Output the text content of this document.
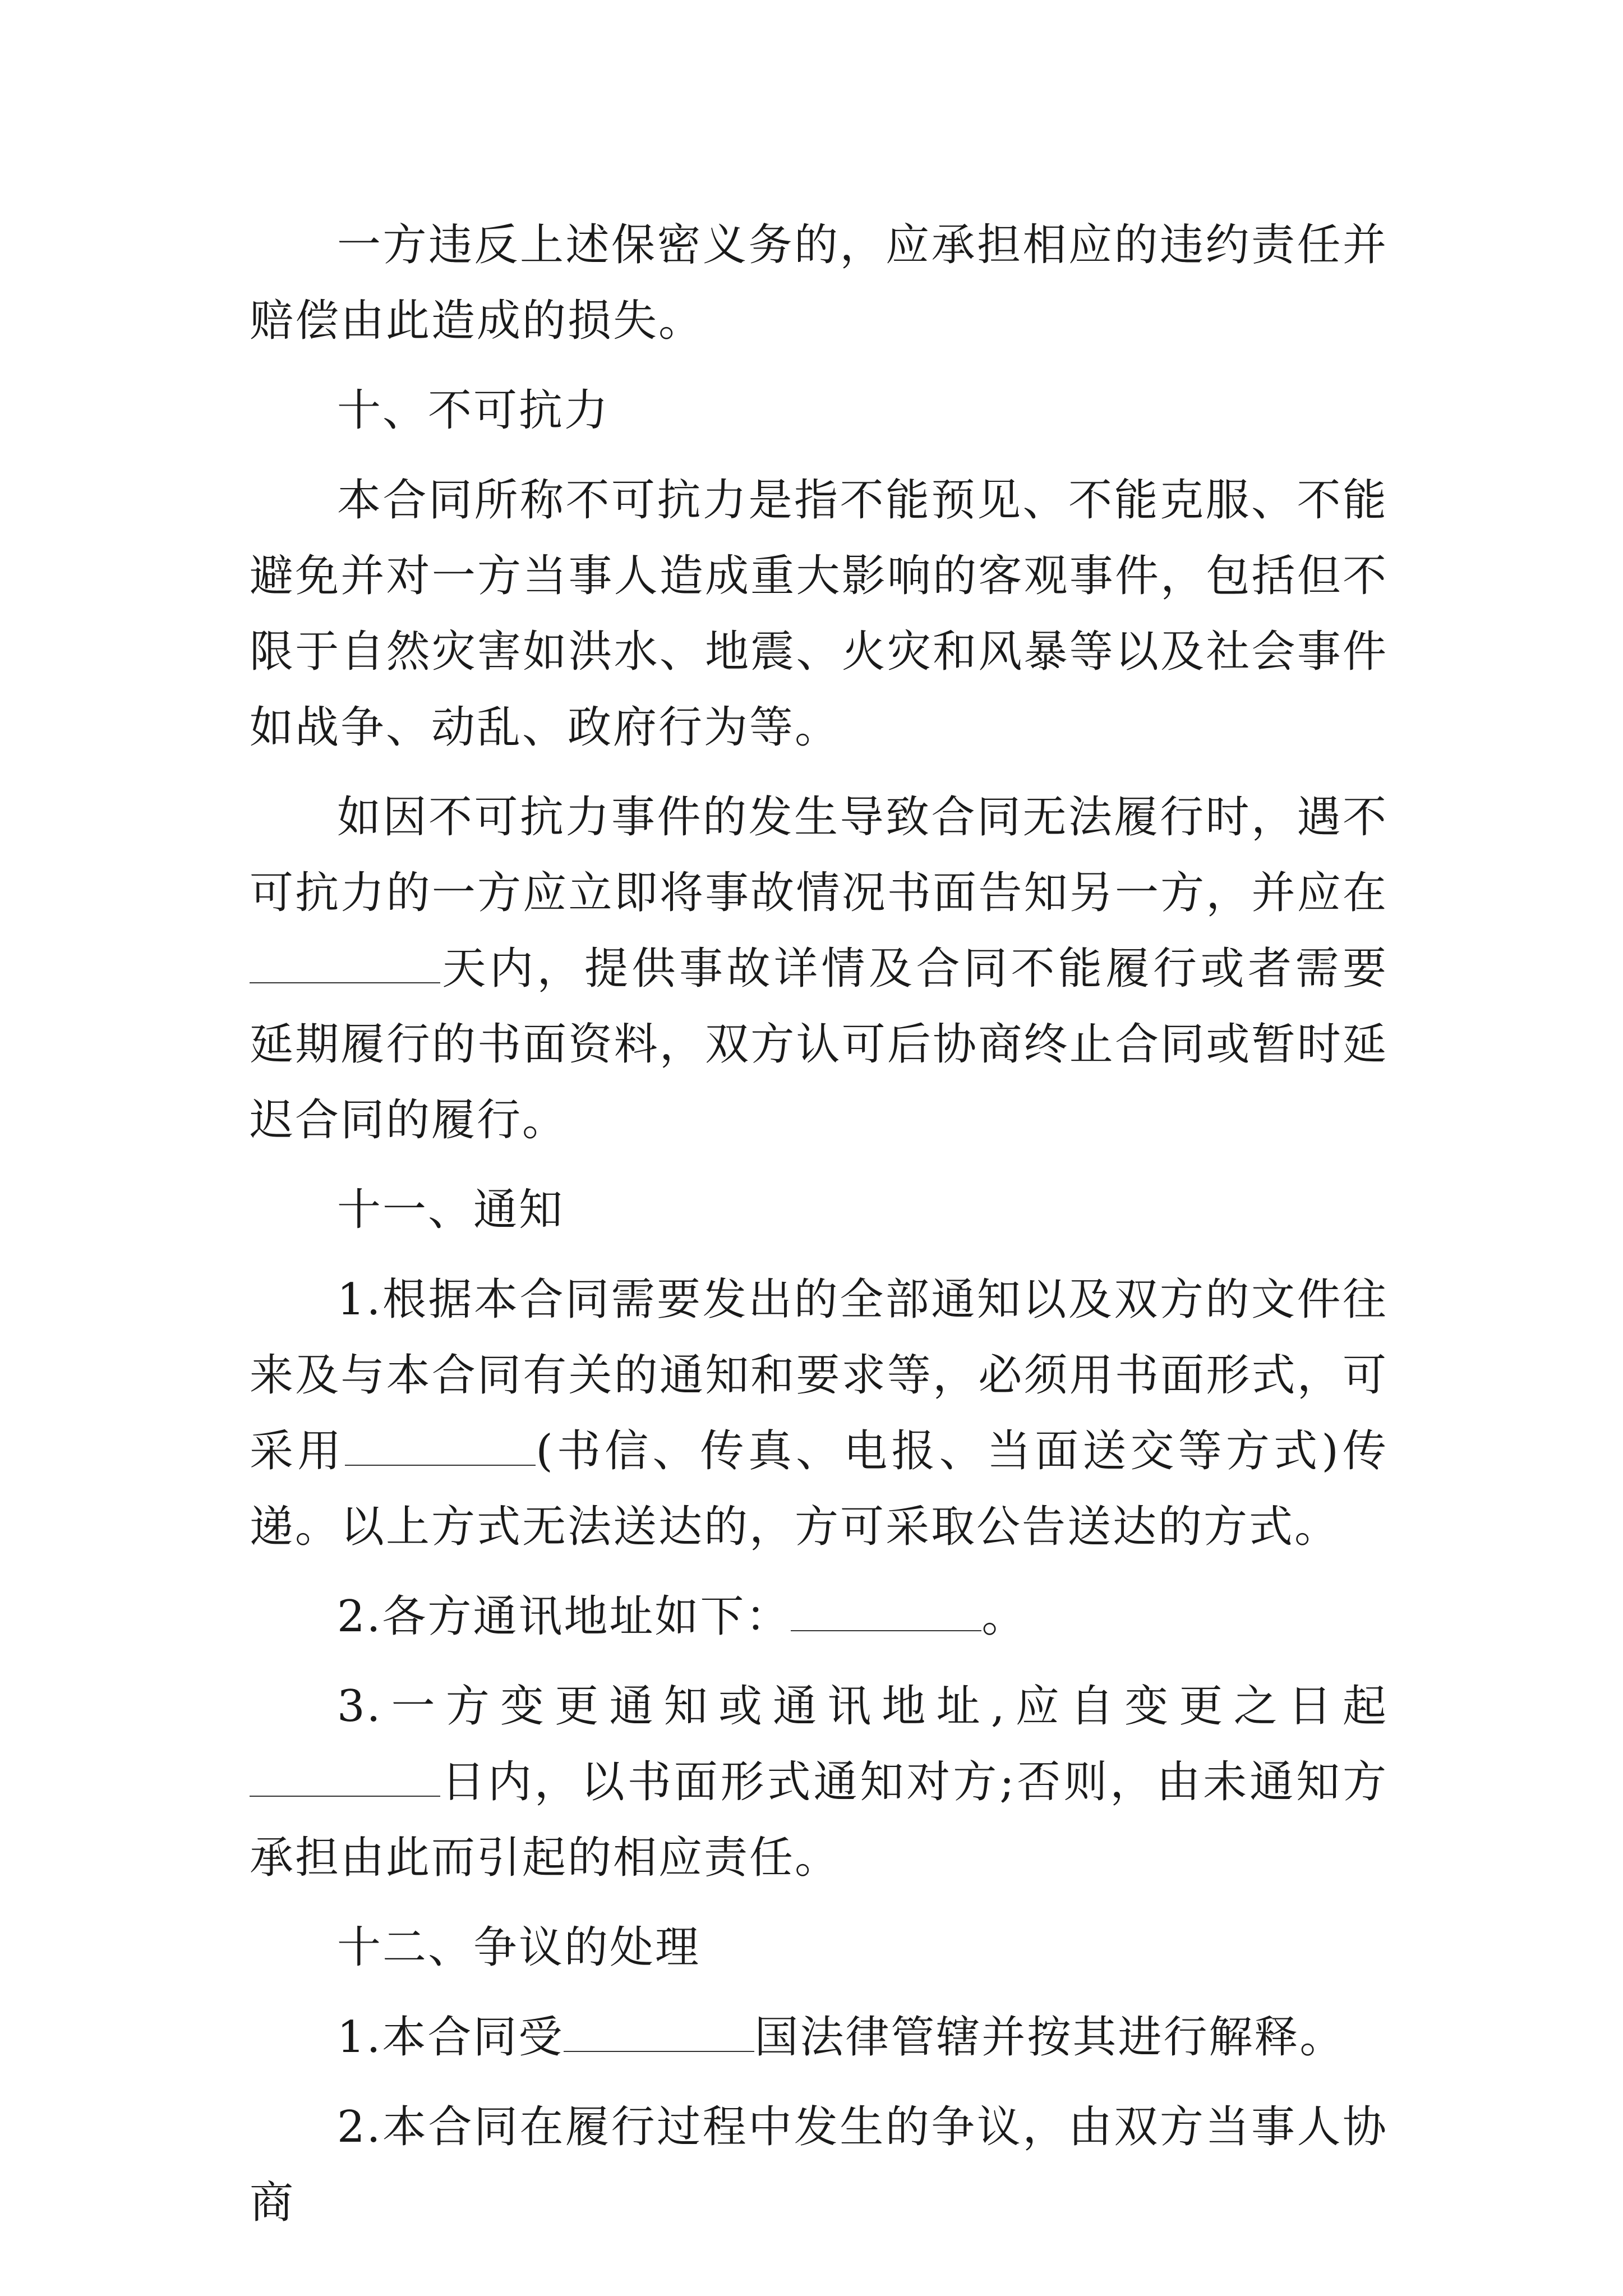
一方违反上述保密义务的，应承担相应的违约责任并赔偿由此造成的损失。

十、不可抗力

本合同所称不可抗力是指不能预见、不能克服、不能避免并对一方当事人造成重大影响的客观事件，包括但不限于自然灾害如洪水、地震、火灾和风暴等以及社会事件如战争、动乱、政府行为等。

如因不可抗力事件的发生导致合同无法履行时，遇不可抗力的一方应立即将事故情况书面告知另一方，并应在天内，提供事故详情及合同不能履行或者需要延期履行的书面资料，双方认可后协商终止合同或暂时延迟合同的履行。

十一、通知

1.根据本合同需要发出的全部通知以及双方的文件往来及与本合同有关的通知和要求等，必须用书面形式，可采用	(书信、传真、电报、当面送交等方式)传递。以上方式无法送达的，方可采取公告送达的方式。

2.各方通讯地址如下：	。

3.一方变更通知或通讯地址,应自变更之日起日内，以书面形式通知对方;否则，由未通知方承担由此而引起的相应责任。

十二、争议的处理

1.本合同受	国法律管辖并按其进行解释。

2.本合同在履行过程中发生的争议，由双方当事人协商
